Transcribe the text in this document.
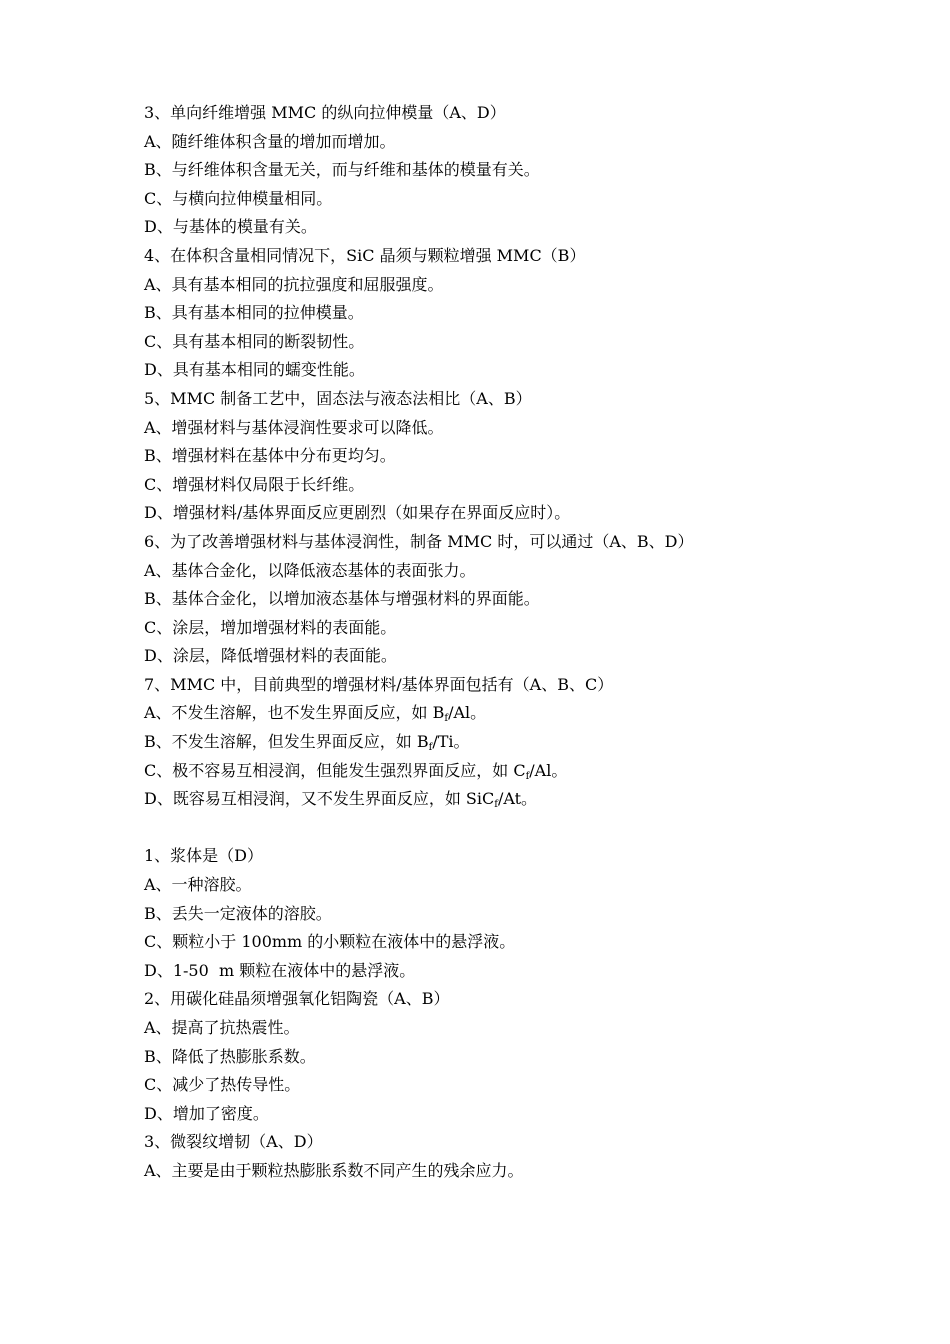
3、单向纤维增强 MMC 的纵向拉伸模量（A、D）
A、随纤维体积含量的增加而增加。
B、与纤维体积含量无关，而与纤维和基体的模量有关。
C、与横向拉伸模量相同。
D、与基体的模量有关。
4、在体积含量相同情况下，SiC 晶须与颗粒增强 MMC（B）
A、具有基本相同的抗拉强度和屈服强度。
B、具有基本相同的拉伸模量。
C、具有基本相同的断裂韧性。
D、具有基本相同的蠕变性能。
5、MMC 制备工艺中，固态法与液态法相比（A、B）
A、增强材料与基体浸润性要求可以降低。
B、增强材料在基体中分布更均匀。
C、增强材料仅局限于长纤维。
D、增强材料/基体界面反应更剧烈（如果存在界面反应时）。
6、为了改善增强材料与基体浸润性，制备 MMC 时，可以通过（A、B、D）
A、基体合金化，以降低液态基体的表面张力。
B、基体合金化，以增加液态基体与增强材料的界面能。
C、涂层，增加增强材料的表面能。
D、涂层，降低增强材料的表面能。
7、MMC 中，目前典型的增强材料/基体界面包括有（A、B、C）
A、不发生溶解，也不发生界面反应，如 $B_f/Al$。
B、不发生溶解，但发生界面反应，如 $B_f/Ti$。
C、极不容易互相浸润，但能发生强烈界面反应，如 $C_f/Al$。
D、既容易互相浸润，又不发生界面反应，如 SiC$_f$/At。
1、浆体是（D）
A、一种溶胶。
B、丢失一定液体的溶胶。
C、颗粒小于 100mm 的小颗粒在液体中的悬浮液。
D、1-50  m 颗粒在液体中的悬浮液。
2、用碳化硅晶须增强氧化铝陶瓷（A、B）
A、提高了抗热震性。
B、降低了热膨胀系数。
C、减少了热传导性。
D、增加了密度。
3、微裂纹增韧（A、D）
A、主要是由于颗粒热膨胀系数不同产生的残余应力。
